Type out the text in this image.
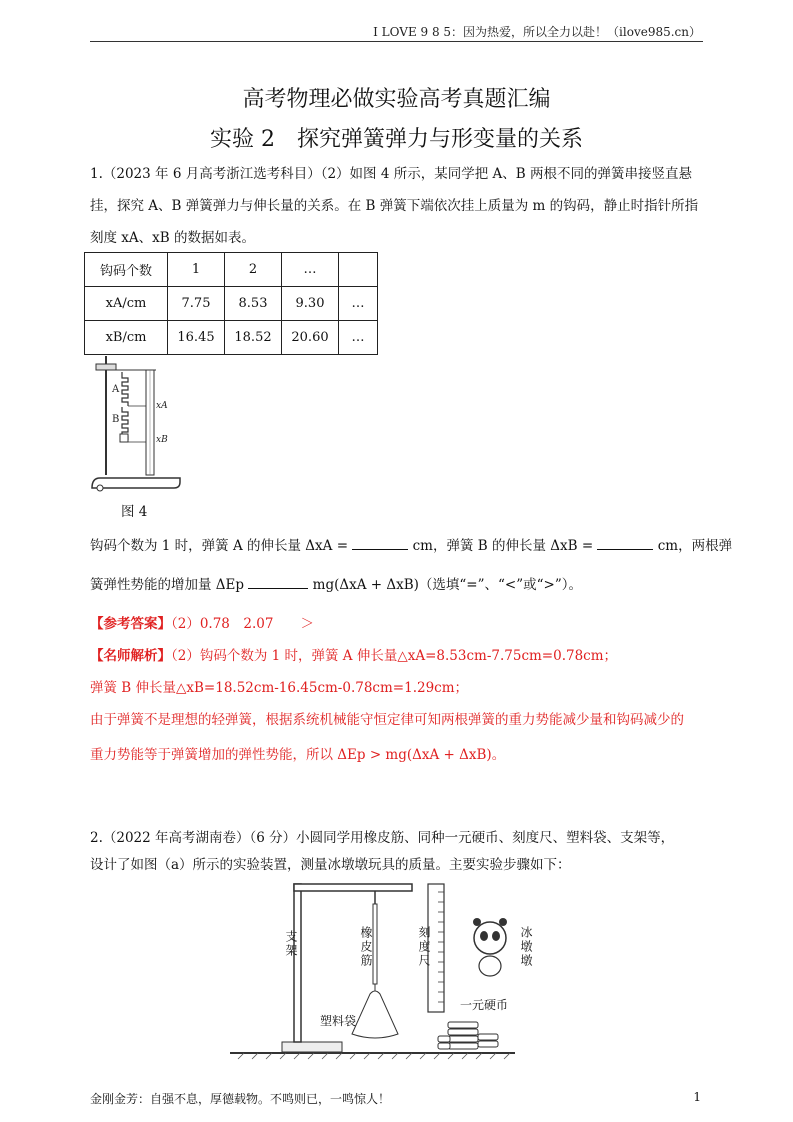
I LOVE 9 8 5：因为热爱，所以全力以赴！（ilove985.cn）
高考物理必做实验高考真题汇编
实验 2　探究弹簧弹力与形变量的关系
1.（2023 年 6 月高考浙江选考科目）（2）如图 4 所示，某同学把 A、B 两根不同的弹簧串接竖直悬
挂，探究 A、B 弹簧弹力与伸长量的关系。在 B 弹簧下端依次挂上质量为 m 的钩码，静止时指针所指
刻度 xA、xB 的数据如表。
钩码个数	1	2	…	
xA/cm	7.75	8.53	9.30	…
xB/cm	16.45	18.52	20.60	…
A
B
xA
xB
图 4
钩码个数为 1 时，弹簧 A 的伸长量 ΔxA =	cm，弹簧 B 的伸长量 ΔxB =	cm，两根弹
簧弹性势能的增加量 ΔEp	mg(ΔxA + ΔxB)（选填“=”、“<”或“>”）。
【参考答案】（2）0.78　2.07　　＞
【名师解析】（2）钩码个数为 1 时，弹簧 A 伸长量△xA=8.53cm-7.75cm=0.78cm；
弹簧 B 伸长量△xB=18.52cm-16.45cm-0.78cm=1.29cm；
由于弹簧不是理想的轻弹簧，根据系统机械能守恒定律可知两根弹簧的重力势能减少量和钩码减少的
重力势能等于弹簧增加的弹性势能，所以 ΔEp > mg(ΔxA + ΔxB)。
2.（2022 年高考湖南卷）（6 分）小圆同学用橡皮筋、同种一元硬币、刻度尺、塑料袋、支架等，
设计了如图（a）所示的实验装置，测量冰墩墩玩具的质量。主要实验步骤如下：
支架	橡皮筋	刻度尺	冰墩墩
一元硬币
塑料袋
金刚金芳：自强不息，厚德载物。不鸣则已，一鸣惊人！	1
